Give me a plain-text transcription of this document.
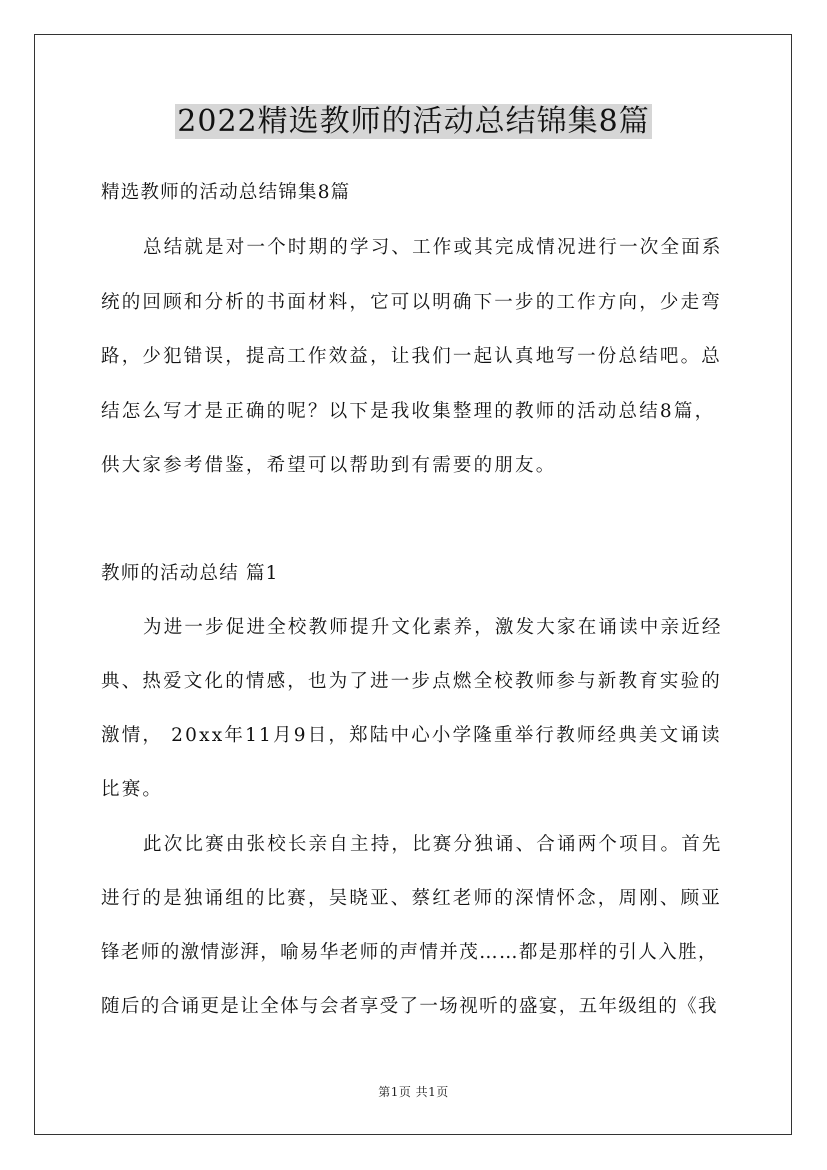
2022精选教师的活动总结锦集8篇
精选教师的活动总结锦集8篇
总结就是对一个时期的学习、工作或其完成情况进行一次全面系
统的回顾和分析的书面材料，它可以明确下一步的工作方向，少走弯
路，少犯错误，提高工作效益，让我们一起认真地写一份总结吧。总
结怎么写才是正确的呢？以下是我收集整理的教师的活动总结8篇，
供大家参考借鉴，希望可以帮助到有需要的朋友。
教师的活动总结 篇1
为进一步促进全校教师提升文化素养，激发大家在诵读中亲近经
典、热爱文化的情感，也为了进一步点燃全校教师参与新教育实验的
激情， 20xx年11月9日，郑陆中心小学隆重举行教师经典美文诵读
比赛。
此次比赛由张校长亲自主持，比赛分独诵、合诵两个项目。首先
进行的是独诵组的比赛，吴晓亚、蔡红老师的深情怀念，周刚、顾亚
锋老师的激情澎湃，喻易华老师的声情并茂……都是那样的引人入胜，
随后的合诵更是让全体与会者享受了一场视听的盛宴，五年级组的《我
第1页 共1页
